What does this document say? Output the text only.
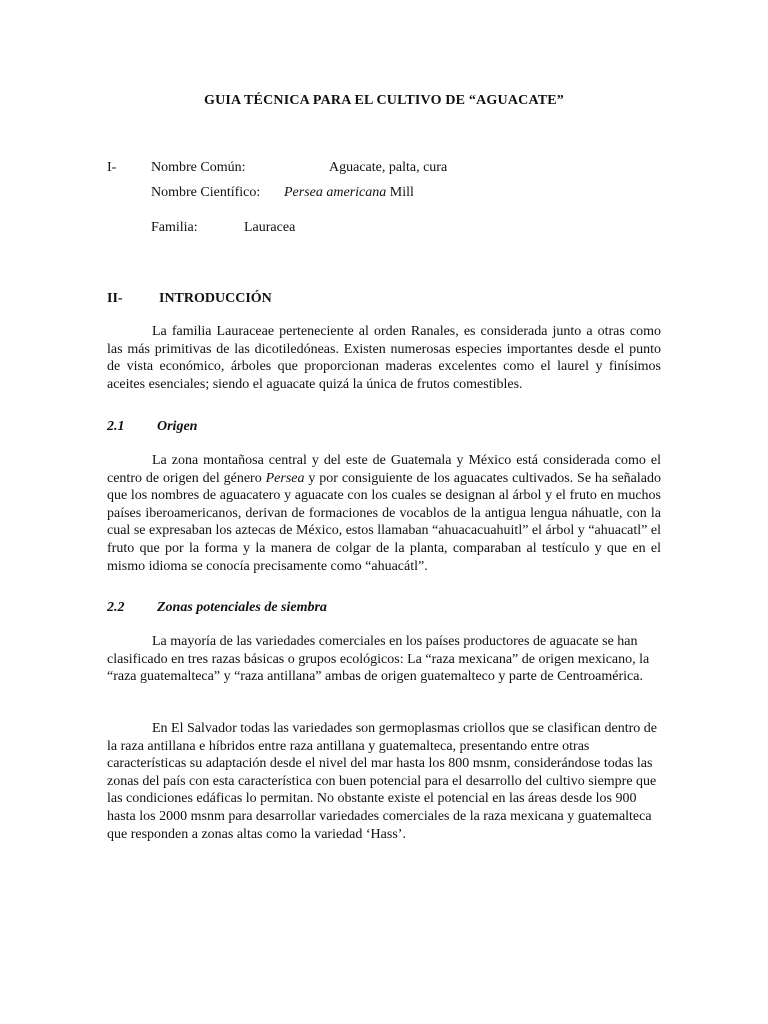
GUIA TÉCNICA PARA EL CULTIVO DE “AGUACATE”
I- Nombre Común:	Aguacate, palta, cura
Nombre Científico: Persea americana Mill
Familia:	Lauracea
II-	INTRODUCCIÓN
La familia Lauraceae perteneciente al orden Ranales, es considerada junto a otras como las más primitivas de las dicotiledóneas. Existen numerosas especies importantes desde el punto de vista económico, árboles que proporcionan maderas excelentes como el laurel y finísimos aceites esenciales; siendo el aguacate quizá la única de frutos comestibles.
2.1 Origen
La zona montañosa central y del este de Guatemala y México está considerada como el centro de origen del género Persea y por consiguiente de los aguacates cultivados. Se ha señalado que los nombres de aguacatero y aguacate con los cuales se designan al árbol y el fruto en muchos países iberoamericanos, derivan de formaciones de vocablos de la antigua lengua náhuatle, con la cual se expresaban los aztecas de México, estos llamaban “ahuacacuahuitl” el árbol y “ahuacatl” el fruto que por la forma y la manera de colgar de la planta, comparaban al testículo y que en el mismo idioma se conocía precisamente como “ahuacátl”.
2.2 Zonas potenciales de siembra
La mayoría de las variedades comerciales en los países productores de aguacate se han clasificado en tres razas básicas o grupos ecológicos: La “raza mexicana” de origen mexicano, la “raza guatemalteca” y “raza antillana” ambas de origen guatemalteco y parte de Centroamérica.
En El Salvador todas las variedades son germoplasmas criollos que se clasifican dentro de la raza antillana e híbridos entre raza antillana y guatemalteca, presentando entre otras características su adaptación desde el nivel del mar hasta los 800 msnm, considerándose todas las zonas del país con esta característica con buen potencial para el desarrollo del cultivo siempre que las condiciones edáficas lo permitan. No obstante existe el potencial en las áreas desde los 900 hasta los 2000 msnm para desarrollar variedades comerciales de la raza mexicana y guatemalteca que responden a zonas altas como la variedad ‘Hass’.
